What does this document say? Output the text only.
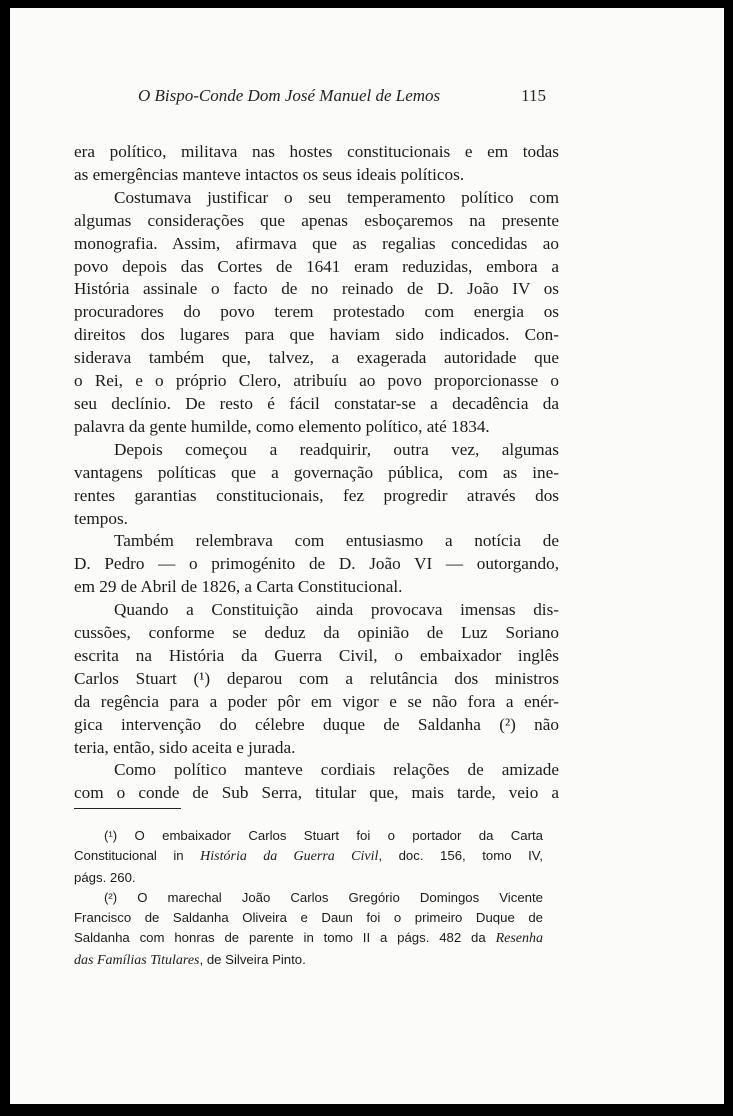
O Bispo-Conde Dom José Manuel de Lemos	115
era político, militava nas hostes constitucionais e em todas
as emergências manteve intactos os seus ideais políticos.
Costumava justificar o seu temperamento político com
algumas considerações que apenas esboçaremos na presente
monografia. Assim, afirmava que as regalias concedidas ao
povo depois das Cortes de 1641 eram reduzidas, embora a
História assinale o facto de no reinado de D. João IV os
procuradores do povo terem protestado com energia os
direitos dos lugares para que haviam sido indicados. Con-
siderava também que, talvez, a exagerada autoridade que
o Rei, e o próprio Clero, atribuíu ao povo proporcionasse o
seu declínio. De resto é fácil constatar-se a decadência da
palavra da gente humilde, como elemento político, até 1834.
Depois começou a readquirir, outra vez, algumas
vantagens políticas que a governação pública, com as ine-
rentes garantias constitucionais, fez progredir através dos
tempos.
Também relembrava com entusiasmo a notícia de
D. Pedro — o primogénito de D. João VI — outorgando,
em 29 de Abril de 1826, a Carta Constitucional.
Quando a Constituição ainda provocava imensas dis-
cussões, conforme se deduz da opinião de Luz Soriano
escrita na História da Guerra Civil, o embaixador inglês
Carlos Stuart (¹) deparou com a relutância dos ministros
da regência para a poder pôr em vigor e se não fora a enér-
gica intervenção do célebre duque de Saldanha (²) não
teria, então, sido aceita e jurada.
Como político manteve cordiais relações de amizade
com o conde de Sub Serra, titular que, mais tarde, veio a
(¹) O embaixador Carlos Stuart foi o portador da Carta
Constitucional in História da Guerra Civil, doc. 156, tomo IV,
págs. 260.
(²) O marechal João Carlos Gregório Domingos Vicente
Francisco de Saldanha Oliveira e Daun foi o primeiro Duque de
Saldanha com honras de parente in tomo II a págs. 482 da Resenha
das Famílias Titulares, de Silveira Pinto.
